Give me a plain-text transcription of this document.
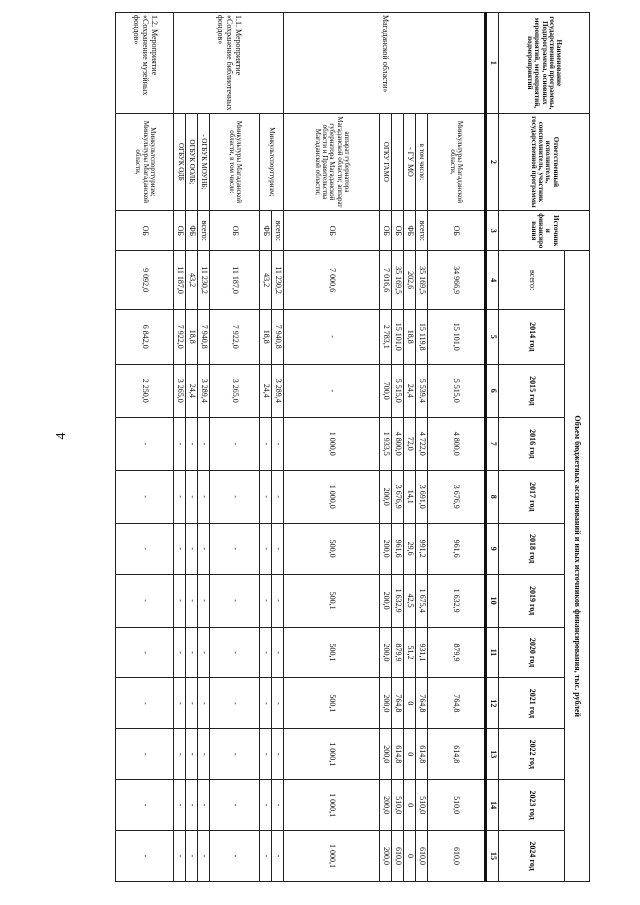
4
Наименование государственной программы, Подпрограммы, основных мероприятий, мероприятий, подмероприятий	Ответственный исполнитель, соисполнитель, участник государственной программы	Источники финансирования	Объем бюджетных ассигнований и иных источников финансирования, тыс. рублей											
			всего:	2014 год	2015 год	2016 год	2017 год	2018 год	2019 год	2020 год	2021 год	2022 год	2023 год	2024 год
1	2	3	4	5	6	7	8	9	10	11	12	13	14	15
Магаданской области»	Минкультуры Магаданской области,	ОБ	34 966,9	15 101,0	5 515,0	4 800,0	3 676,9	961,6	1 632,9	879,9	764,8	614,8	510,0	610,0
	в том числе:	всего:	35 169,5	15 119,8	5 539,4	4 722,0	3 691,0	991,2	1 675,4	931,1	764,8	614,8	510,0	610,0
	- ГУ МО	ФБ	202,6	18,8	24,4	72,0	14,1	29,6	42,5	51,2	0	0	0	0
		ОБ	35 169,5	15 101,0	5 515,0	4 800,0	3 676,9	961,6	1 632,9	879,9	764,8	614,8	510,0	610,0
	ОГКУ ГАМО	ОБ	7 016,6	2 783,1	700,0	1 933,5	200,0	200,0	200,0	200,0	200,0	200,0	200,0	200,0
	аппарат губернатора Магаданской области; аппарат губернатора Магаданской области и Правительства Магаданской области;	ОБ	7 000,6	-	-	1 000,0	1 000,0	500,0	500,1	500,1	500,1	1 000,1	1 000,1	1 000,1
1.1. Мероприятие «Сохранение библиотечных фондов»	Минкультспорттуризм;	всего:	11 230,2	7 940,8	3 289,4	-	-	-	-	-	-	-	-	-
		ФБ	43,2	18,8	24,4	-	-	-	-	-	-	-	-	-
	Минкультуры Магаданской области, в том числе:	ОБ	11 187,0	7 922,0	3 265,0	-	-	-	-	-	-	-	-	-
	- ОГБУК МОУНБ;	всего:	11 230,2	7 940,8	3 289,4	-	-	-	-	-	-	-	-	-
	ОГБУК ООЛБ;	ФБ	43,2	18,8	24,4	-	-	-	-	-	-	-	-	-
	ОГБУК ОДБ	ОБ	11 187,0	7 922,0	3 265,0	-	-	-	-	-	-	-	-	-
1.2. Мероприятие «Сохранение музейных фондов»	Минкультспорттуризм; Минкультуры Магаданской области,	ОБ	9 092,0	6 842,0	2 250,0	-	-	-	-	-	-	-	-	-
